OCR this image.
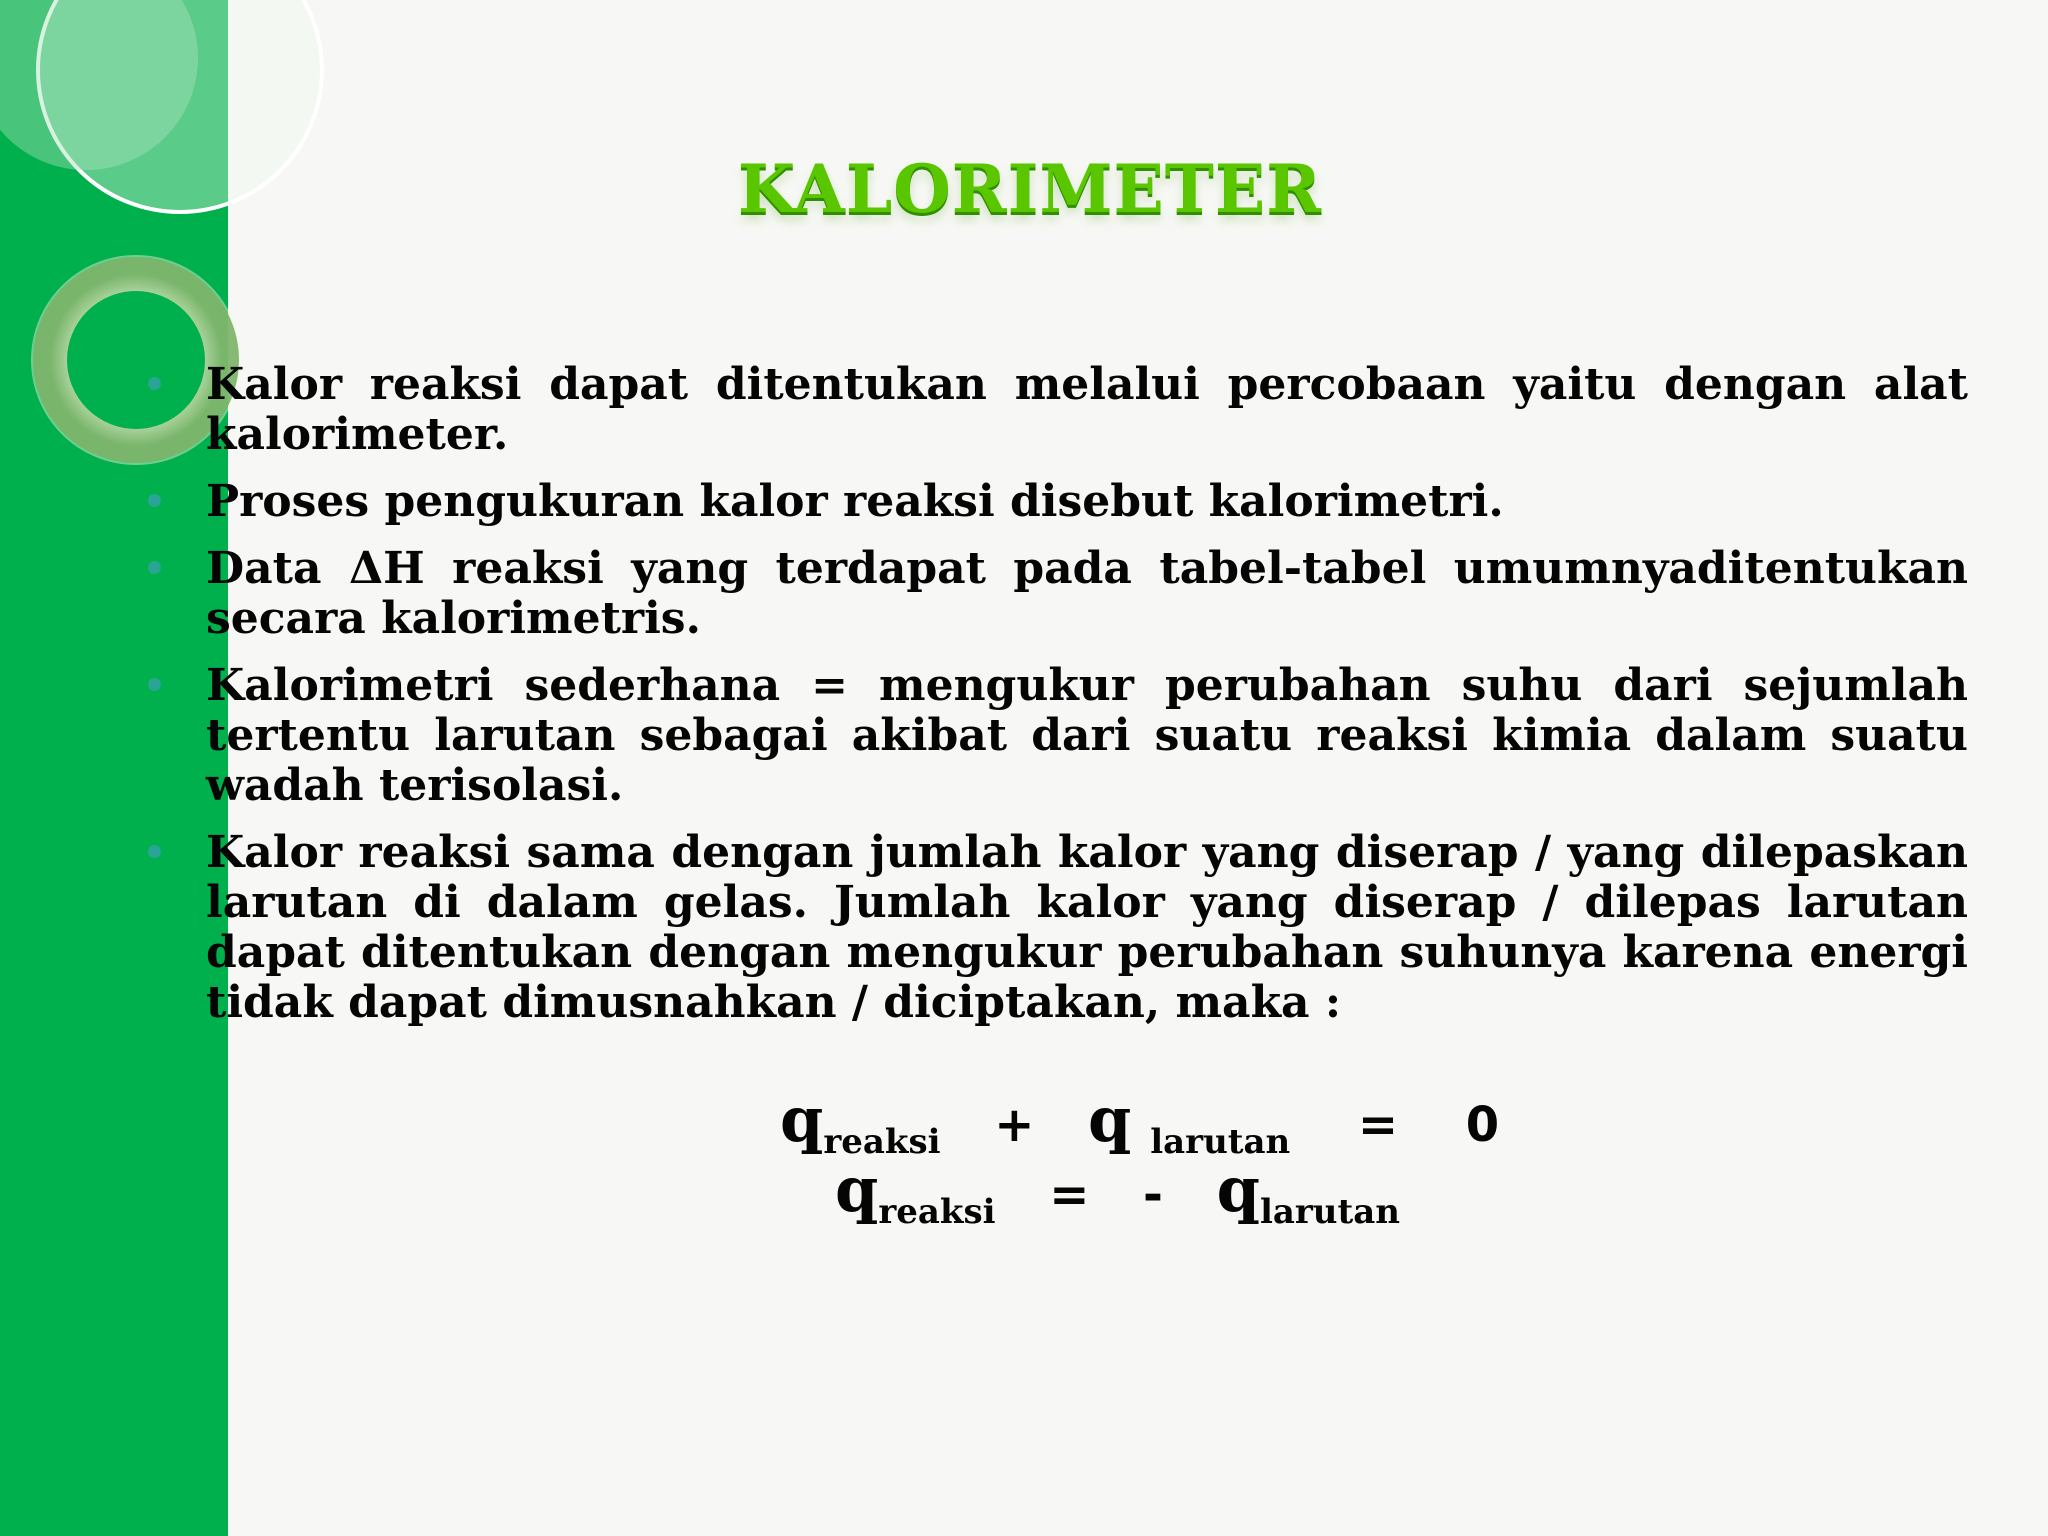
KALORIMETER
Kalor reaksi dapat ditentukan melalui percobaan yaitu dengan alat kalorimeter.
Proses pengukuran kalor reaksi disebut kalorimetri.
Data ΔH reaksi yang terdapat pada tabel-tabel umumnyaditentukan secara kalorimetris.
Kalorimetri sederhana = mengukur perubahan suhu dari sejumlah tertentu larutan sebagai akibat dari suatu reaksi kimia dalam suatu wadah terisolasi.
Kalor reaksi sama dengan jumlah kalor yang diserap / yang dilepaskan larutan di dalam gelas. Jumlah kalor yang diserap / dilepas larutan dapat ditentukan dengan mengukur perubahan suhunya karena energi tidak dapat dimusnahkan / diciptakan, maka :
$q_{reaksi} + q$ $_{larutan}$ = 0
$q_{reaksi}$ = - $q_{larutan}$
